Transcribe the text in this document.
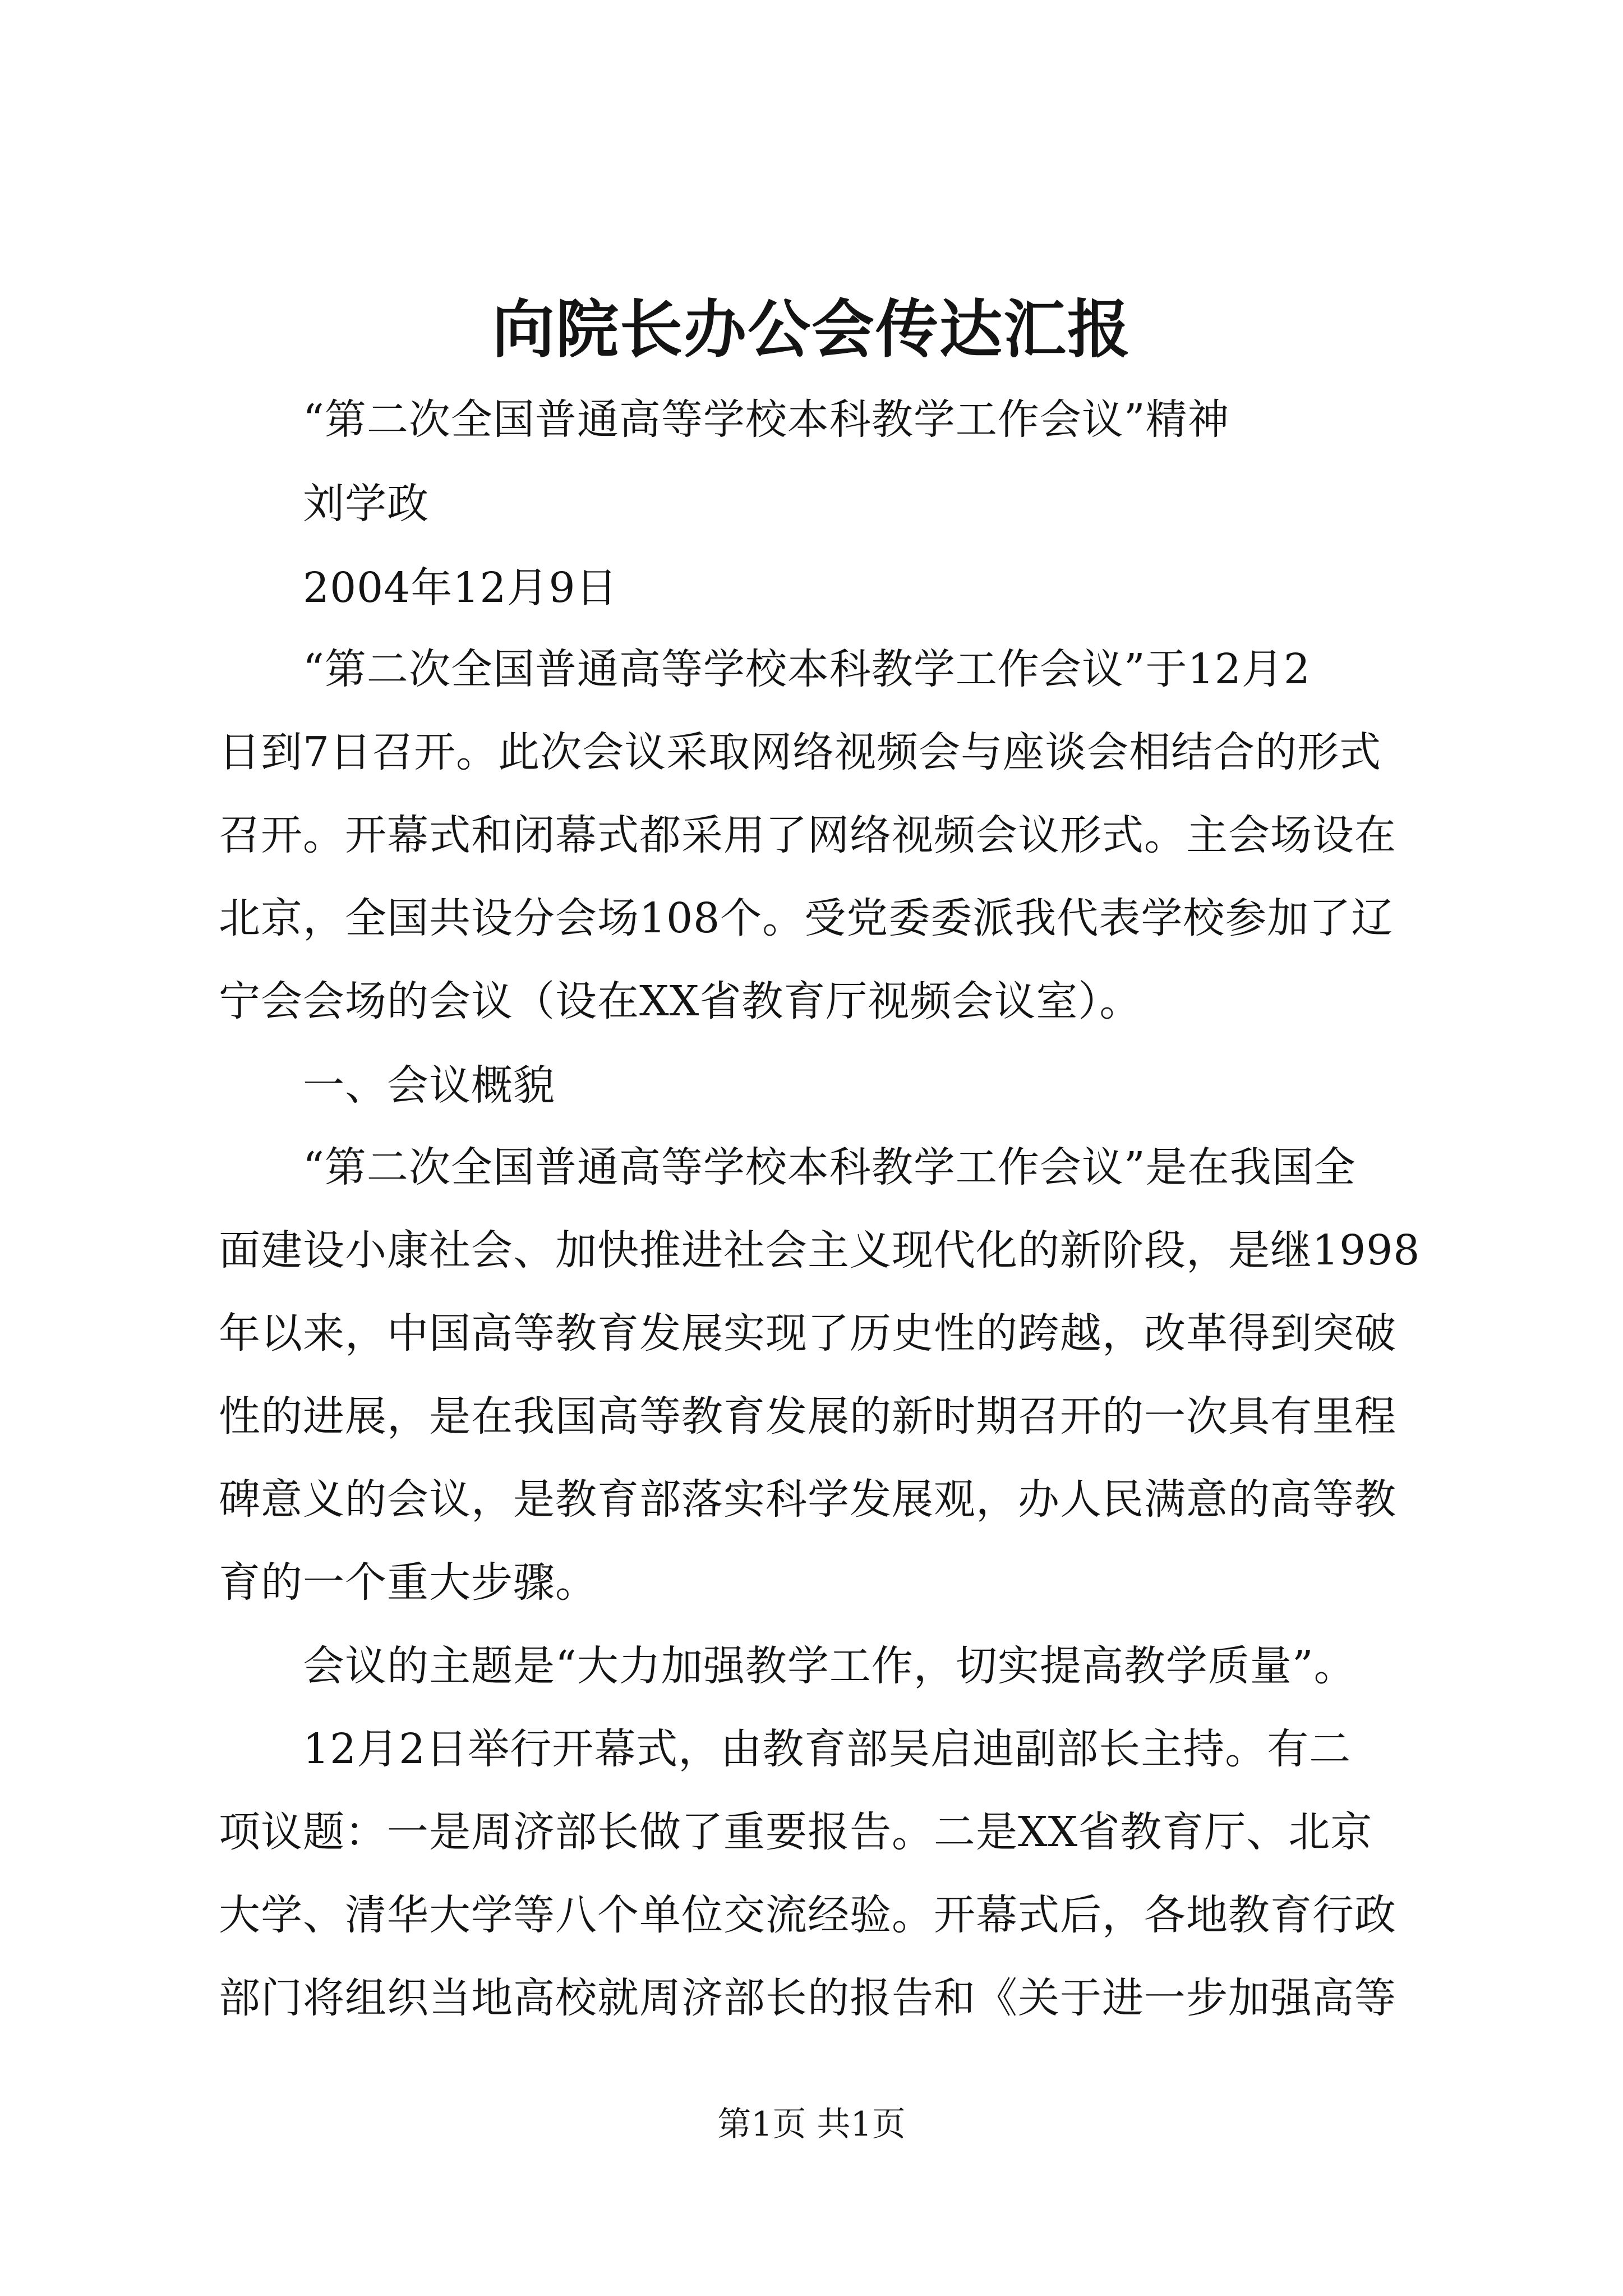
向院长办公会传达汇报
“第二次全国普通高等学校本科教学工作会议”精神
刘学政
2004年12月9日
“第二次全国普通高等学校本科教学工作会议”于12月2
日到7日召开。此次会议采取网络视频会与座谈会相结合的形式
召开。开幕式和闭幕式都采用了网络视频会议形式。主会场设在
北京，全国共设分会场108个。受党委委派我代表学校参加了辽
宁会会场的会议（设在XX省教育厅视频会议室）。
一、会议概貌
“第二次全国普通高等学校本科教学工作会议”是在我国全
面建设小康社会、加快推进社会主义现代化的新阶段，是继1998
年以来，中国高等教育发展实现了历史性的跨越，改革得到突破
性的进展，是在我国高等教育发展的新时期召开的一次具有里程
碑意义的会议，是教育部落实科学发展观，办人民满意的高等教
育的一个重大步骤。
会议的主题是“大力加强教学工作，切实提高教学质量”。
12月2日举行开幕式，由教育部吴启迪副部长主持。有二
项议题：一是周济部长做了重要报告。二是XX省教育厅、北京
大学、清华大学等八个单位交流经验。开幕式后，各地教育行政
部门将组织当地高校就周济部长的报告和《关于进一步加强高等
第1页 共1页
